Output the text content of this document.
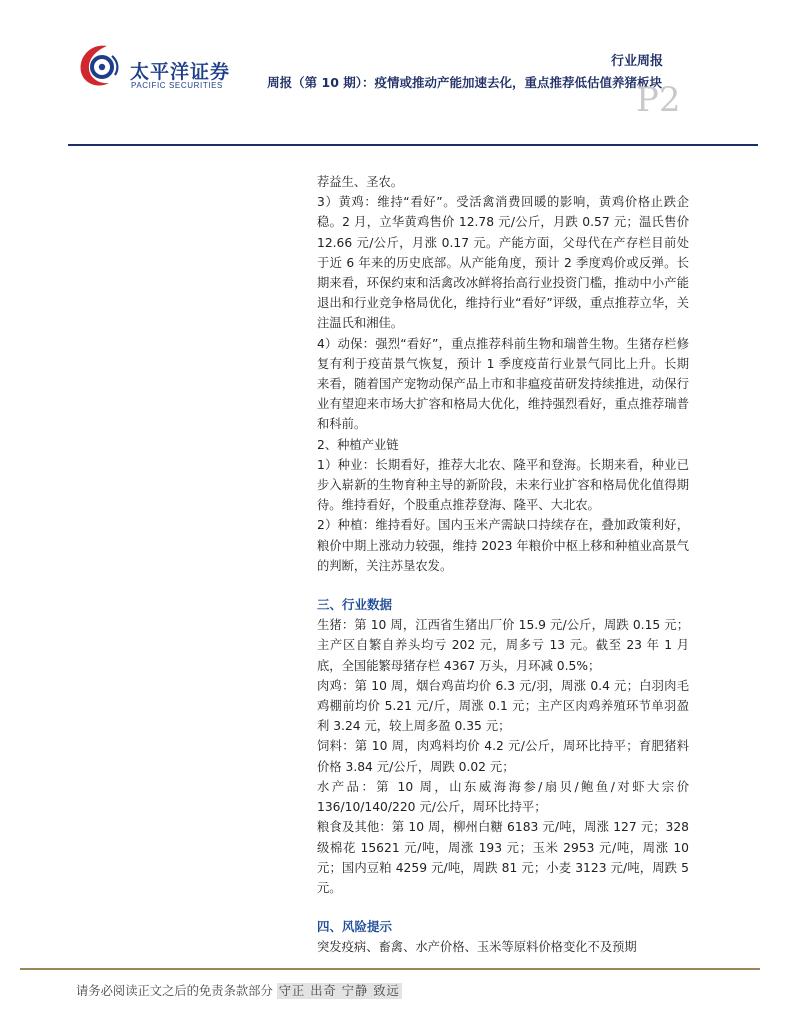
太平洋证券
PACIFIC SECURITIES
行业周报
周报（第 10 期）：疫情或推动产能加速去化，重点推荐低估值养猪板块
P2

荐益生、圣农。

3）黄鸡：维持“看好”。受活禽消费回暖的影响，黄鸡价格止跌企稳。2 月，立华黄鸡售价 12.78 元/公斤，月跌 0.57 元；温氏售价 12.66 元/公斤，月涨 0.17 元。产能方面，父母代在产存栏目前处于近 6 年来的历史底部。从产能角度，预计 2 季度鸡价或反弹。长期来看，环保约束和活禽改冰鲜将抬高行业投资门槛，推动中小产能退出和行业竞争格局优化，维持行业“看好”评级，重点推荐立华，关注温氏和湘佳。

4）动保：强烈“看好”，重点推荐科前生物和瑞普生物。生猪存栏修复有利于疫苗景气恢复，预计 1 季度疫苗行业景气同比上升。长期来看，随着国产宠物动保产品上市和非瘟疫苗研发持续推进，动保行业有望迎来市场大扩容和格局大优化，维持强烈看好，重点推荐瑞普和科前。

2、种植产业链

1）种业：长期看好，推荐大北农、隆平和登海。长期来看，种业已步入崭新的生物育种主导的新阶段，未来行业扩容和格局优化值得期待。维持看好，个股重点推荐登海、隆平、大北农。

2）种植：维持看好。国内玉米产需缺口持续存在，叠加政策利好，粮价中期上涨动力较强，维持 2023 年粮价中枢上移和种植业高景气的判断，关注苏垦农发。

三、行业数据

生猪：第 10 周，江西省生猪出厂价 15.9 元/公斤，周跌 0.15 元；主产区自繁自养头均亏 202 元，周多亏 13 元。截至 23 年 1 月底，全国能繁母猪存栏 4367 万头，月环减 0.5%；

肉鸡：第 10 周，烟台鸡苗均价 6.3 元/羽，周涨 0.4 元；白羽肉毛鸡棚前均价 5.21 元/斤，周涨 0.1 元；主产区肉鸡养殖环节单羽盈利 3.24 元，较上周多盈 0.35 元；

饲料：第 10 周，肉鸡料均价 4.2 元/公斤，周环比持平；育肥猪料价格 3.84 元/公斤，周跌 0.02 元；

水产品：第 10 周，山东威海海参/扇贝/鲍鱼/对虾大宗价 136/10/140/220 元/公斤，周环比持平；

粮食及其他：第 10 周，柳州白糖 6183 元/吨，周涨 127 元；328 级棉花 15621 元/吨，周涨 193 元；玉米 2953 元/吨，周涨 10 元；国内豆粕 4259 元/吨，周跌 81 元；小麦 3123 元/吨，周跌 5 元。

四、风险提示

突发疫病、畜禽、水产价格、玉米等原料价格变化不及预期

请务必阅读正文之后的免责条款部分 守正 出奇 宁静 致远
